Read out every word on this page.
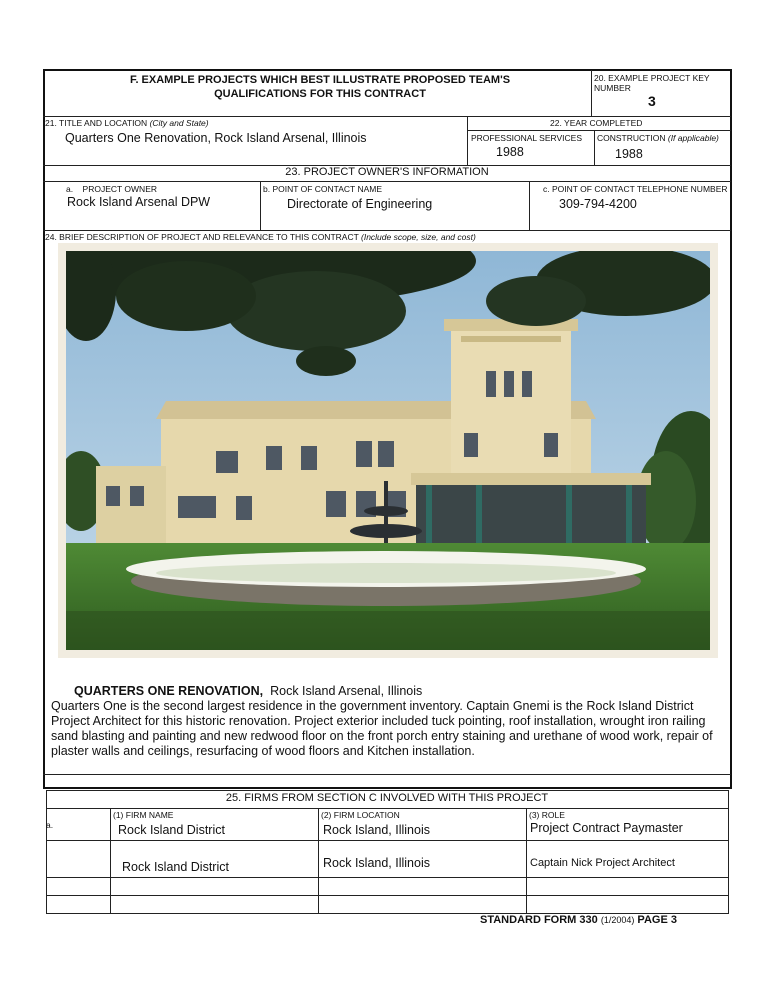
F. EXAMPLE PROJECTS WHICH BEST ILLUSTRATE PROPOSED TEAM'S
QUALIFICATIONS FOR THIS CONTRACT
20. EXAMPLE PROJECT KEY NUMBER
3
21. TITLE AND LOCATION (City and State)
Quarters One Renovation, Rock Island Arsenal, Illinois
22. YEAR COMPLETED
PROFESSIONAL SERVICES
1988
CONSTRUCTION (If applicable)
1988
23. PROJECT OWNER'S INFORMATION
a. PROJECT OWNER
Rock Island Arsenal DPW
b. POINT OF CONTACT NAME
Directorate of Engineering
c. POINT OF CONTACT TELEPHONE NUMBER
309-794-4200
24. BRIEF DESCRIPTION OF PROJECT AND RELEVANCE TO THIS CONTRACT (Include scope, size, and cost)

QUARTERS ONE RENOVATION, Rock Island Arsenal, Illinois

Quarters One is the second largest residence in the government inventory. Captain Gnemi is the Rock Island District Project Architect for this historic renovation. Project exterior included tuck pointing, roof installation, wrought iron railing sand blasting and painting and new redwood floor on the front porch entry staining and urethane of wood work, repair of plaster walls and ceilings, resurfacing of wood floors and Kitchen installation.

25. FIRMS FROM SECTION C INVOLVED WITH THIS PROJECT
a.
(1) FIRM NAME	(2) FIRM LOCATION	(3) ROLE
Rock Island District	Rock Island, Illinois	Project Contract Paymaster
Rock Island District	Rock Island, Illinois	Captain Nick Project Architect
STANDARD FORM 330 (1/2004) PAGE 3
